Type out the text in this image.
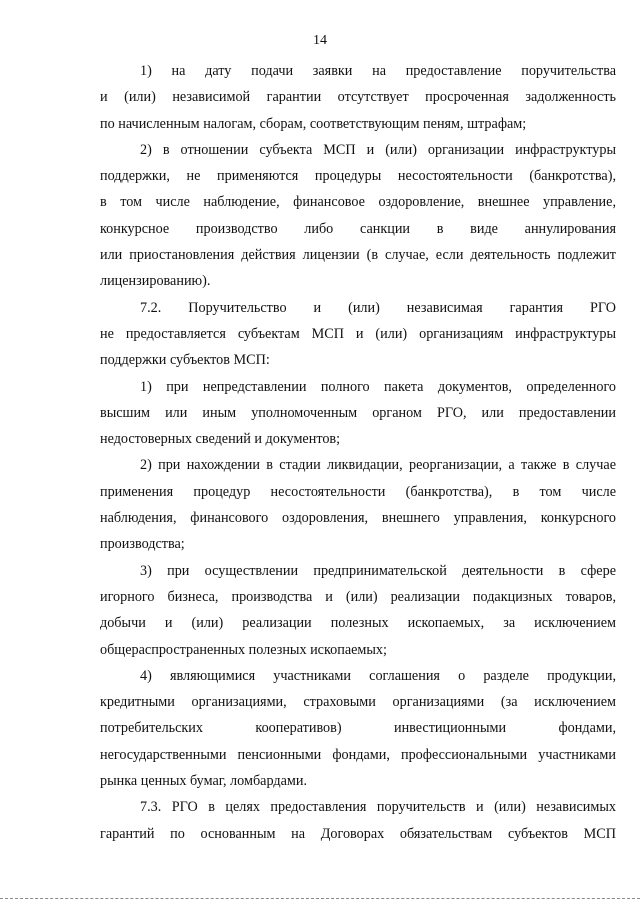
14
1) на дату подачи заявки на предоставление поручительства
и (или) независимой гарантии отсутствует просроченная задолженность
по начисленным налогам, сборам, соответствующим пеням, штрафам;
2) в отношении субъекта МСП и (или) организации инфраструктуры
поддержки, не применяются процедуры несостоятельности (банкротства),
в том числе наблюдение, финансовое оздоровление, внешнее управление,
конкурсное производство либо санкции в виде аннулирования
или приостановления действия лицензии (в случае, если деятельность подлежит
лицензированию).
7.2. Поручительство и (или) независимая гарантия РГО
не предоставляется субъектам МСП и (или) организациям инфраструктуры
поддержки субъектов МСП:
1) при непредставлении полного пакета документов, определенного
высшим или иным уполномоченным органом РГО, или предоставлении
недостоверных сведений и документов;
2) при нахождении в стадии ликвидации, реорганизации, а также в случае
применения процедур несостоятельности (банкротства), в том числе
наблюдения, финансового оздоровления, внешнего управления, конкурсного
производства;
3) при осуществлении предпринимательской деятельности в сфере
игорного бизнеса, производства и (или) реализации подакцизных товаров,
добычи и (или) реализации полезных ископаемых, за исключением
общераспространенных полезных ископаемых;
4) являющимися участниками соглашения о разделе продукции,
кредитными организациями, страховыми организациями (за исключением
потребительских кооперативов) инвестиционными фондами,
негосударственными пенсионными фондами, профессиональными участниками
рынка ценных бумаг, ломбардами.
7.3. РГО в целях предоставления поручительств и (или) независимых
гарантий по основанным на Договорах обязательствам субъектов МСП
